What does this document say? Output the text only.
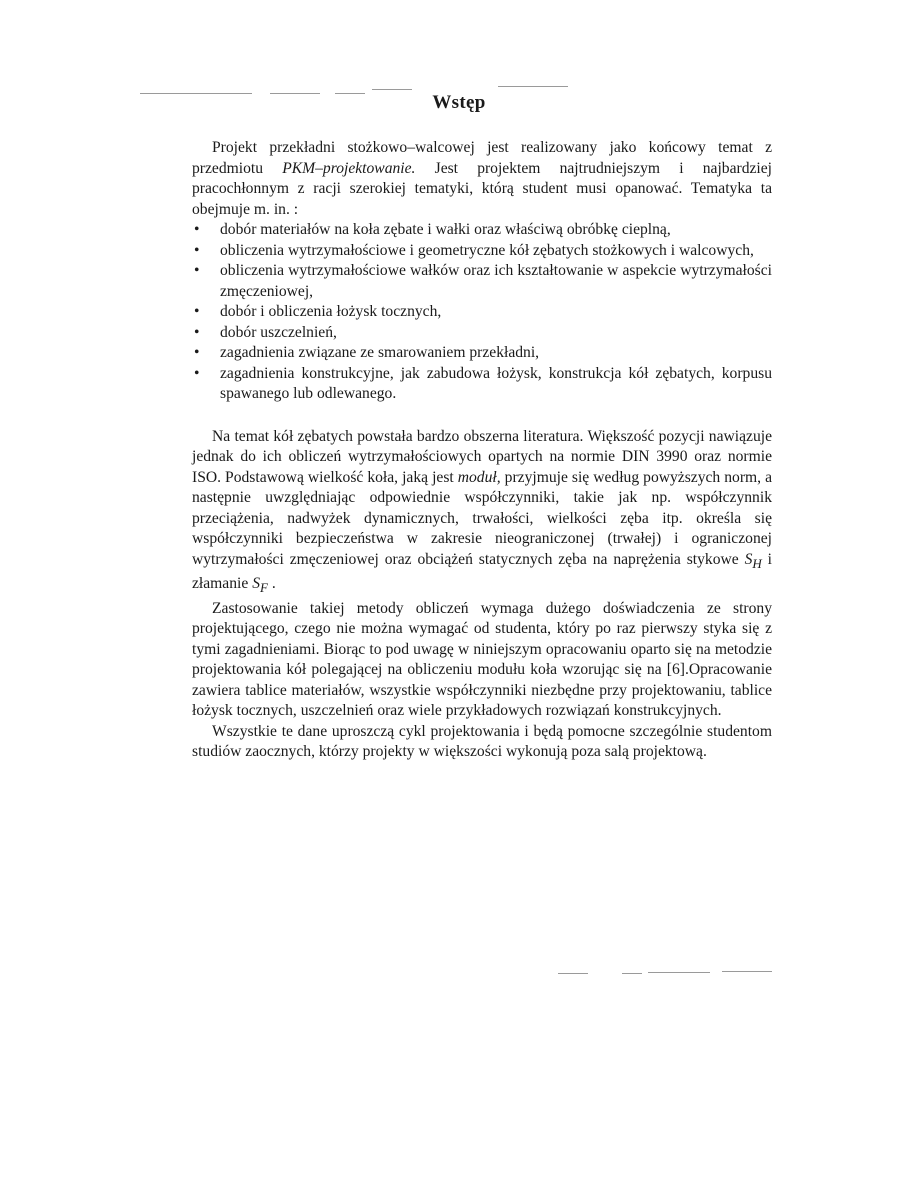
Wstęp

Projekt przekładni stożkowo–walcowej jest realizowany jako końcowy temat z przedmiotu PKM–projektowanie. Jest projektem najtrudniejszym i najbardziej pracochłonnym z racji szerokiej tematyki, którą student musi opanować. Tematyka ta obejmuje m. in. :

• dobór materiałów na koła zębate i wałki oraz właściwą obróbkę cieplną,
• obliczenia wytrzymałościowe i geometryczne kół zębatych stożkowych i walcowych,
• obliczenia wytrzymałościowe wałków oraz ich kształtowanie w aspekcie wytrzymałości zmęczeniowej,
• dobór i obliczenia łożysk tocznych,
• dobór uszczelnień,
• zagadnienia związane ze smarowaniem przekładni,
• zagadnienia konstrukcyjne, jak zabudowa łożysk, konstrukcja kół zębatych, korpusu spawanego lub odlewanego.

Na temat kół zębatych powstała bardzo obszerna literatura. Większość pozycji nawiązuje jednak do ich obliczeń wytrzymałościowych opartych na normie DIN 3990 oraz normie ISO. Podstawową wielkość koła, jaką jest moduł, przyjmuje się według powyższych norm, a następnie uwzględniając odpowiednie współczynniki, takie jak np. współczynnik przeciążenia, nadwyżek dynamicznych, trwałości, wielkości zęba itp. określa się współczynniki bezpieczeństwa w zakresie nieograniczonej (trwałej) i ograniczonej wytrzymałości zmęczeniowej oraz obciążeń statycznych zęba na naprężenia stykowe $S_H$ i złamanie $S_F$ .

Zastosowanie takiej metody obliczeń wymaga dużego doświadczenia ze strony projektującego, czego nie można wymagać od studenta, który po raz pierwszy styka się z tymi zagadnieniami. Biorąc to pod uwagę w niniejszym opracowaniu oparto się na metodzie projektowania kół polegającej na obliczeniu modułu koła wzorując się na [6].Opracowanie zawiera tablice materiałów, wszystkie współczynniki niezbędne przy projektowaniu, tablice łożysk tocznych, uszczelnień oraz wiele przykładowych rozwiązań konstrukcyjnych.

Wszystkie te dane uproszczą cykl projektowania i będą pomocne szczególnie studentom studiów zaocznych, którzy projekty w większości wykonują poza salą projektową.
